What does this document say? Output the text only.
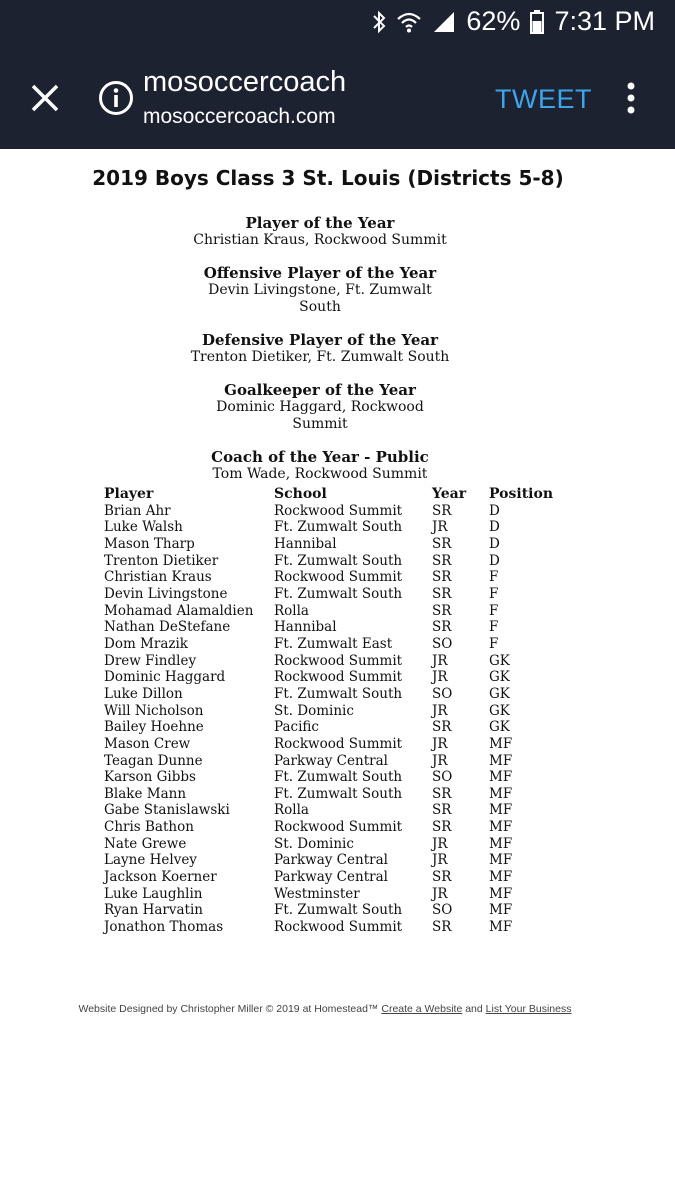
62% 7:31 PM
mosoccercoach
mosoccercoach.com
TWEET
2019 Boys Class 3 St. Louis (Districts 5-8)
Player of the Year
Christian Kraus, Rockwood Summit
Offensive Player of the Year
Devin Livingstone, Ft. Zumwalt
South
Defensive Player of the Year
Trenton Dietiker, Ft. Zumwalt South
Goalkeeper of the Year
Dominic Haggard, Rockwood
Summit
Coach of the Year - Public
Tom Wade, Rockwood Summit
Player	School	Year	Position
Brian Ahr	Rockwood Summit	SR	D
Luke Walsh	Ft. Zumwalt South	JR	D
Mason Tharp	Hannibal	SR	D
Trenton Dietiker	Ft. Zumwalt South	SR	D
Christian Kraus	Rockwood Summit	SR	F
Devin Livingstone	Ft. Zumwalt South	SR	F
Mohamad Alamaldien	Rolla	SR	F
Nathan DeStefane	Hannibal	SR	F
Dom Mrazik	Ft. Zumwalt East	SO	F
Drew Findley	Rockwood Summit	JR	GK
Dominic Haggard	Rockwood Summit	JR	GK
Luke Dillon	Ft. Zumwalt South	SO	GK
Will Nicholson	St. Dominic	JR	GK
Bailey Hoehne	Pacific	SR	GK
Mason Crew	Rockwood Summit	JR	MF
Teagan Dunne	Parkway Central	JR	MF
Karson Gibbs	Ft. Zumwalt South	SO	MF
Blake Mann	Ft. Zumwalt South	SR	MF
Gabe Stanislawski	Rolla	SR	MF
Chris Bathon	Rockwood Summit	SR	MF
Nate Grewe	St. Dominic	JR	MF
Layne Helvey	Parkway Central	JR	MF
Jackson Koerner	Parkway Central	SR	MF
Luke Laughlin	Westminster	JR	MF
Ryan Harvatin	Ft. Zumwalt South	SO	MF
Jonathon Thomas	Rockwood Summit	SR	MF
Website Designed by Christopher Miller © 2019 at Homestead™ Create a Website and List Your Business
